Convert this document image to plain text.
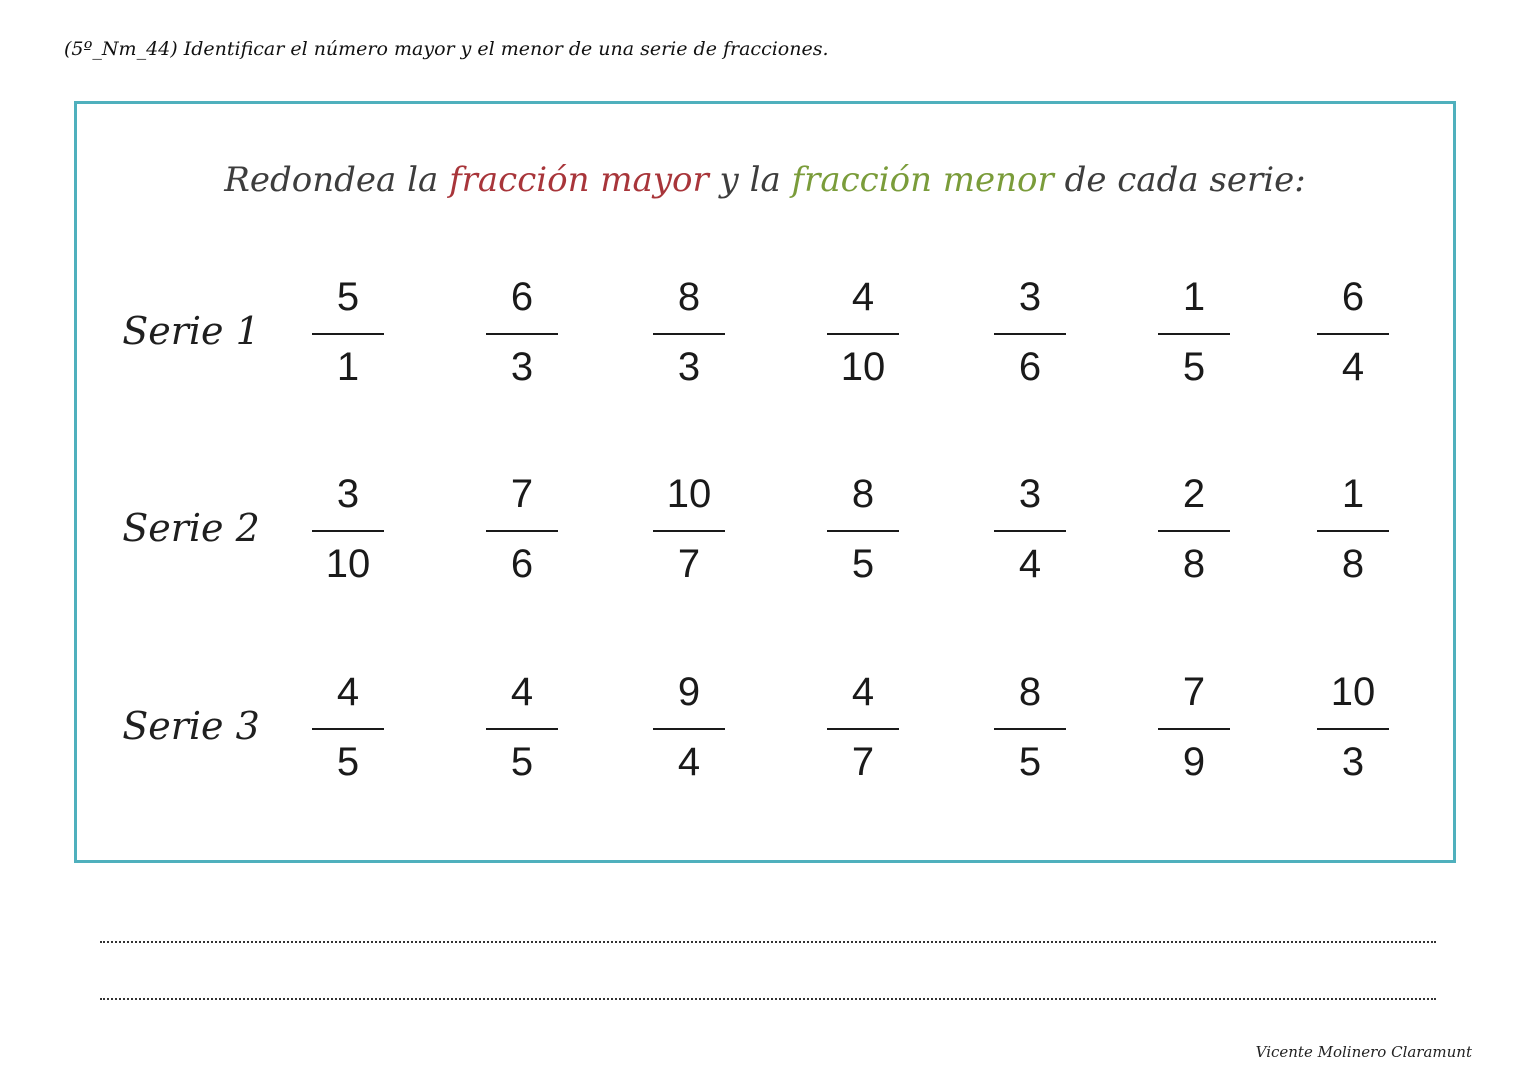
(5º_Nm_44) Identificar el número mayor y el menor de una serie de fracciones.
Redondea la fracción mayor y la fracción menor de cada serie:
Serie 1
5
1
6
3
8
3
4
10
3
6
1
5
6
4
Serie 2
3
10
7
6
10
7
8
5
3
4
2
8
1
8
Serie 3
4
5
4
5
9
4
4
7
8
5
7
9
10
3
Vicente Molinero Claramunt
